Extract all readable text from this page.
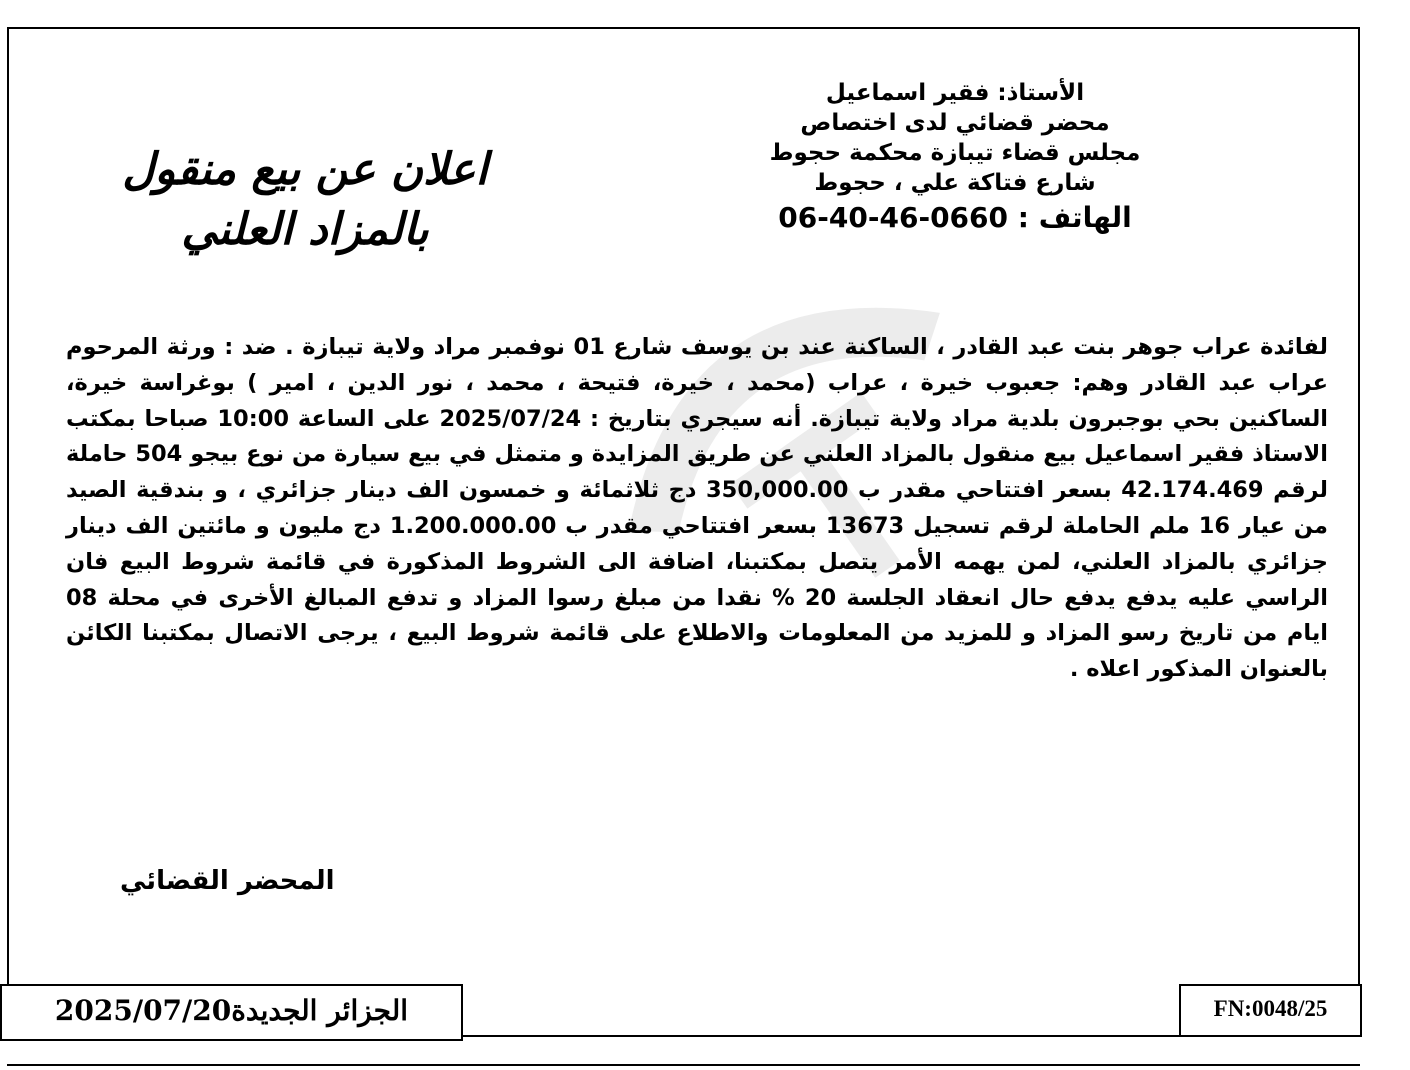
اعلان عن بيع منقول
بالمزاد العلني
الأستاذ: فقير اسماعيل
محضر قضائي لدى اختصاص
مجلس قضاء تيبازة محكمة حجوط
شارع فتاكة علي ، حجوط
الهاتف : 0660-46-40-06
لفائدة عراب جوهر بنت عبد القادر ، الساكنة عند بن يوسف شارع 01 نوفمبر مراد ولاية تيبازة . ضد : ورثة المرحوم عراب عبد القادر وهم: جعبوب خيرة ، عراب (محمد ، خيرة، فتيحة ، محمد ، نور الدين ، امير ) بوغراسة خيرة، الساكنين بحي بوجبرون بلدية مراد ولاية تيبازة. أنه سيجري بتاريخ : 2025/07/24 على الساعة 10:00 صباحا بمكتب الاستاذ فقير اسماعيل بيع منقول بالمزاد العلني عن طريق المزايدة و متمثل في بيع سيارة من نوع بيجو 504 حاملة لرقم 42.174.469 بسعر افتتاحي مقدر ب 350,000.00 دج ثلاثمائة و خمسون الف دينار جزائري ، و بندقية الصيد من عيار 16 ملم الحاملة لرقم تسجيل 13673 بسعر افتتاحي مقدر ب 1.200.000.00 دج مليون و مائتين الف دينار جزائري بالمزاد العلني، لمن يهمه الأمر يتصل بمكتبنا، اضافة الى الشروط المذكورة في قائمة شروط البيع فان الراسي عليه يدفع يدفع حال انعقاد الجلسة 20 % نقدا من مبلغ رسوا المزاد و تدفع المبالغ الأخرى في محلة 08 ايام من تاريخ رسو المزاد و للمزيد من المعلومات والاطلاع على قائمة شروط البيع ، يرجى الاتصال بمكتبنا الكائن بالعنوان المذكور اعلاه .
المحضر القضائي
الجزائر الجديدة2025/07/20	FN:0048/25
